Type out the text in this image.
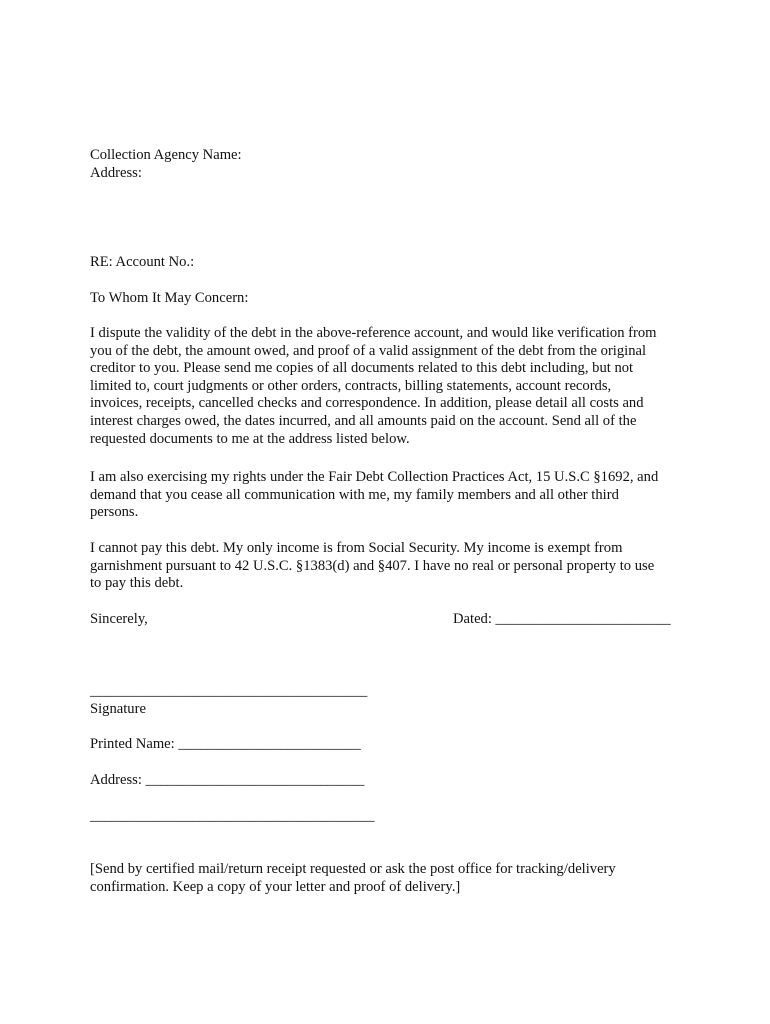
Collection Agency Name:
Address:
RE: Account No.:
To Whom It May Concern:
I dispute the validity of the debt in the above-reference account, and would like verification from
you of the debt, the amount owed, and proof of a valid assignment of the debt from the original
creditor to you. Please send me copies of all documents related to this debt including, but not
limited to, court judgments or other orders, contracts, billing statements, account records,
invoices, receipts, cancelled checks and correspondence. In addition, please detail all costs and
interest charges owed, the dates incurred, and all amounts paid on the account. Send all of the
requested documents to me at the address listed below.
I am also exercising my rights under the Fair Debt Collection Practices Act, 15 U.S.C §1692, and
demand that you cease all communication with me, my family members and all other third
persons.
I cannot pay this debt. My only income is from Social Security. My income is exempt from
garnishment pursuant to 42 U.S.C. §1383(d) and §407. I have no real or personal property to use
to pay this debt.
Sincerely,	Dated: ________________________
______________________________________
Signature
Printed Name: _________________________
Address: ______________________________
_______________________________________
[Send by certified mail/return receipt requested or ask the post office for tracking/delivery
confirmation. Keep a copy of your letter and proof of delivery.]
